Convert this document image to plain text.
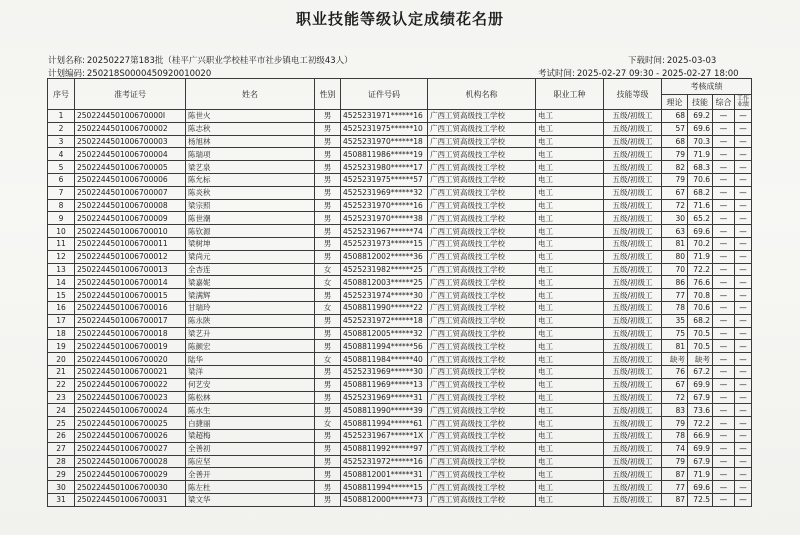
职业技能等级认定成绩花名册
计划名称: 20250227第183批（桂平广兴职业学校桂平市社步镇电工初级43人）	下载时间: 2025-03-03
计划编码: 250218S0000450920010020	考试时间: 2025-02-27 09:30 - 2025-02-27 18:00
序号	准考证号	姓名	性别	证件号码	机构名称	职业工种	技能等级	考核成绩			
								理论	技能	综合	工作业绩
1	250224450100670000I	陈世火	男	4525231971******16	广西工贸高级技工学校	电工	五级/初级工	68	69.2	—	—
2	25022445010067000​02	陈志秋	男	4525231975******10	广西工贸高级技工学校	电工	五级/初级工	57	69.6	—	—
3	2502244501006700003	杨旭林	男	4525231970******18	广西工贸高级技工学校	电工	五级/初级工	68	70.3	—	—
4	2502244501006700004	陈瑞项	男	4508811986******19	广西工贸高级技工学校	电工	五级/初级工	79	71.9	—	—
5	2502244501006700005	梁艺泉	男	4525231980******17	广西工贸高级技工学校	电工	五级/初级工	82	68.3	—	—
6	2502244501006700006	陈允标	男	4525231975******57	广西工贸高级技工学校	电工	五级/初级工	79	70.6	—	—
7	2502244501006700007	陈炎秋	男	4525231969******32	广西工贸高级技工学校	电工	五级/初级工	67	68.2	—	—
8	2502244501006700008	梁宗照	男	4525231970******16	广西工贸高级技工学校	电工	五级/初级工	72	71.6	—	—
9	2502244501006700009	陈世潮	男	4525231970******38	广西工贸高级技工学校	电工	五级/初级工	30	65.2	—	—
10	2502244501006700010	陈钦源	男	4525231967******74	广西工贸高级技工学校	电工	五级/初级工	63	69.6	—	—
11	2502244501006700011	梁树坤	男	4525231973******15	广西工贸高级技工学校	电工	五级/初级工	81	70.2	—	—
12	2502244501006700012	梁尚元	男	4508812002******36	广西工贸高级技工学校	电工	五级/初级工	80	71.9	—	—
13	2502244501006700013	全杏连	女	4525231982******25	广西工贸高级技工学校	电工	五级/初级工	70	72.2	—	—
14	2502244501006700014	梁嘉妮	女	4508812003******25	广西工贸高级技工学校	电工	五级/初级工	86	76.6	—	—
15	2502244501006700015	梁满辉	男	4525231974******30	广西工贸高级技工学校	电工	五级/初级工	77	70.8	—	—
16	2502244501006700016	甘瑞玲	女	4508811990******22	广西工贸高级技工学校	电工	五级/初级工	78	70.6	—	—
17	2502244501006700017	陈永陕	男	4525231972******18	广西工贸高级技工学校	电工	五级/初级工	35	68.2	—	—
18	2502244501006700018	梁艺升	男	4508812005******32	广西工贸高级技工学校	电工	五级/初级工	75	70.5	—	—
19	2502244501006700019	陈颜宏	男	4508811994******56	广西工贸高级技工学校	电工	五级/初级工	81	70.5	—	—
20	2502244501006700020	陆华	女	4508811984******40	广西工贸高级技工学校	电工	五级/初级工	缺考	缺考	—	—
21	2502244501006700021	梁洋	男	4525231969******30	广西工贸高级技工学校	电工	五级/初级工	76	67.2	—	—
22	2502244501006700022	何艺安	男	4508811969******13	广西工贸高级技工学校	电工	五级/初级工	67	69.9	—	—
23	2502244501006700023	陈松林	男	4525231969******31	广西工贸高级技工学校	电工	五级/初级工	72	67.9	—	—
24	2502244501006700024	陈水生	男	4508811990******39	广西工贸高级技工学校	电工	五级/初级工	83	73.6	—	—
25	2502244501006700025	白捷丽	女	4508811994******61	广西工贸高级技工学校	电工	五级/初级工	79	72.2	—	—
26	2502244501006700026	梁超梅	男	4525231967******1X	广西工贸高级技工学校	电工	五级/初级工	78	66.9	—	—
27	2502244501006700027	全善初	男	4508811992******97	广西工贸高级技工学校	电工	五级/初级工	74	69.9	—	—
28	2502244501006700028	陈应坚	男	4525231972******16	广西工贸高级技工学校	电工	五级/初级工	79	67.9	—	—
29	2502244501006700029	全善开	男	4508812001******31	广西工贸高级技工学校	电工	五级/初级工	87	71.9	—	—
30	2502244501006700030	陈左杜	男	4508811994******15	广西工贸高级技工学校	电工	五级/初级工	77	69.6	—	—
31	2502244501006700031	梁文华	男	4508812000******73	广西工贸高级技工学校	电工	五级/初级工	87	72.5	—	—
